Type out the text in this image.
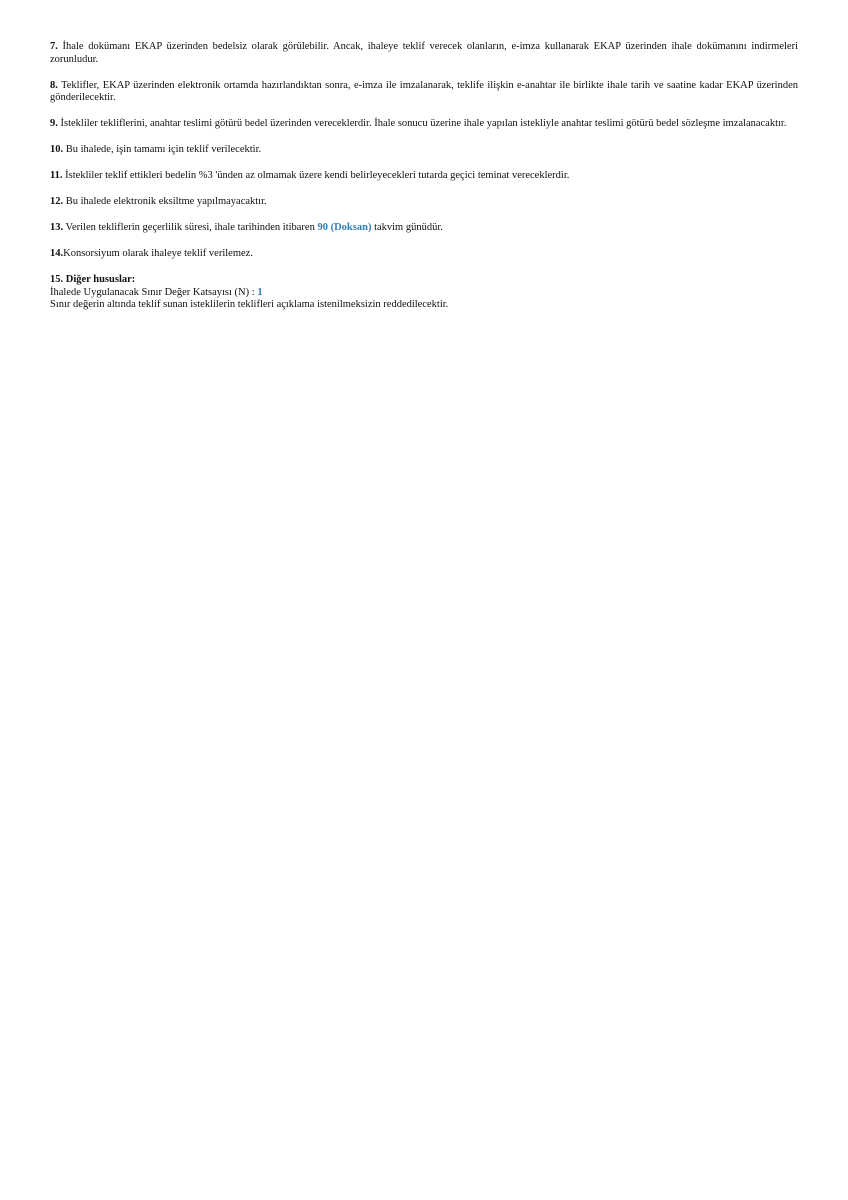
7. İhale dokümanı EKAP üzerinden bedelsiz olarak görülebilir. Ancak, ihaleye teklif verecek olanların, e-imza kullanarak EKAP üzerinden ihale dokümanını indirmeleri zorunludur.

8. Teklifler, EKAP üzerinden elektronik ortamda hazırlandıktan sonra, e-imza ile imzalanarak, teklife ilişkin e-anahtar ile birlikte ihale tarih ve saatine kadar EKAP üzerinden gönderilecektir.

9. İstekliler tekliflerini, anahtar teslimi götürü bedel üzerinden vereceklerdir. İhale sonucu üzerine ihale yapılan istekliyle anahtar teslimi götürü bedel sözleşme imzalanacaktır.

10. Bu ihalede, işin tamamı için teklif verilecektir.

11. İstekliler teklif ettikleri bedelin %3 'ünden az olmamak üzere kendi belirleyecekleri tutarda geçici teminat vereceklerdir.

12. Bu ihalede elektronik eksiltme yapılmayacaktır.

13. Verilen tekliflerin geçerlilik süresi, ihale tarihinden itibaren 90 (Doksan) takvim günüdür.

14.Konsorsiyum olarak ihaleye teklif verilemez.

15. Diğer hususlar:

İhalede Uygulanacak Sınır Değer Katsayısı (N) : 1

Sınır değerin altında teklif sunan isteklilerin teklifleri açıklama istenilmeksizin reddedilecektir.
